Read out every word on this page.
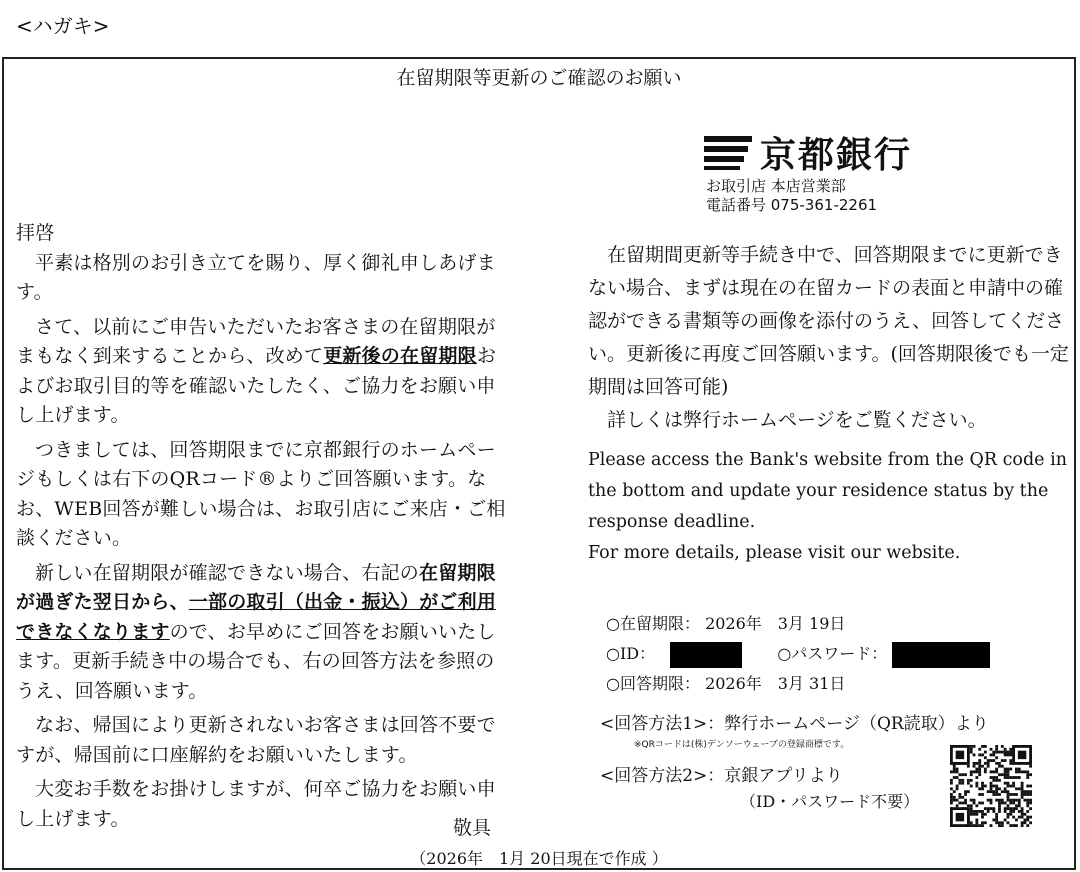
<ハガキ>
在留期限等更新のご確認のお願い
京都銀行
お取引店 本店営業部
電話番号 075-361-2261

拝啓

平素は格別のお引き立てを賜り、厚く御礼申しあげます。

さて、以前にご申告いただいたお客さまの在留期限がまもなく到来することから、改めて更新後の在留期限およびお取引目的等を確認いたしたく、ご協力をお願い申し上げます。

つきましては、回答期限までに京都銀行のホームページもしくは右下のQRコード®よりご回答願います。なお、WEB回答が難しい場合は、お取引店にご来店・ご相談ください。

新しい在留期限が確認できない場合、右記の在留期限が過ぎた翌日から、一部の取引（出金・振込）がご利用できなくなりますので、お早めにご回答をお願いいたします。更新手続き中の場合でも、右の回答方法を参照のうえ、回答願います。

なお、帰国により更新されないお客さまは回答不要ですが、帰国前に口座解約をお願いいたします。

大変お手数をお掛けしますが、何卒ご協力をお願い申し上げます。	敬具
（2026年　1月 20日現在で作成 ）

在留期間更新等手続き中で、回答期限までに更新できない場合、まずは現在の在留カードの表面と申請中の確認ができる書類等の画像を添付のうえ、回答してください。更新後に再度ご回答願います。(回答期限後でも一定期間は回答可能)

詳しくは弊行ホームページをご覧ください。

Please access the Bank's website from the QR code in the bottom and update your residence status by the response deadline.

For more details, please visit our website.

○在留期限： 2026年　3月 19日
○ID：	○パスワード：
○回答期限： 2026年　3月 31日
<回答方法1>：弊行ホームページ（QR読取）より
※QRコードは(株)デンソーウェーブの登録商標です。
<回答方法2>：京銀アプリより
（ID・パスワード不要）
